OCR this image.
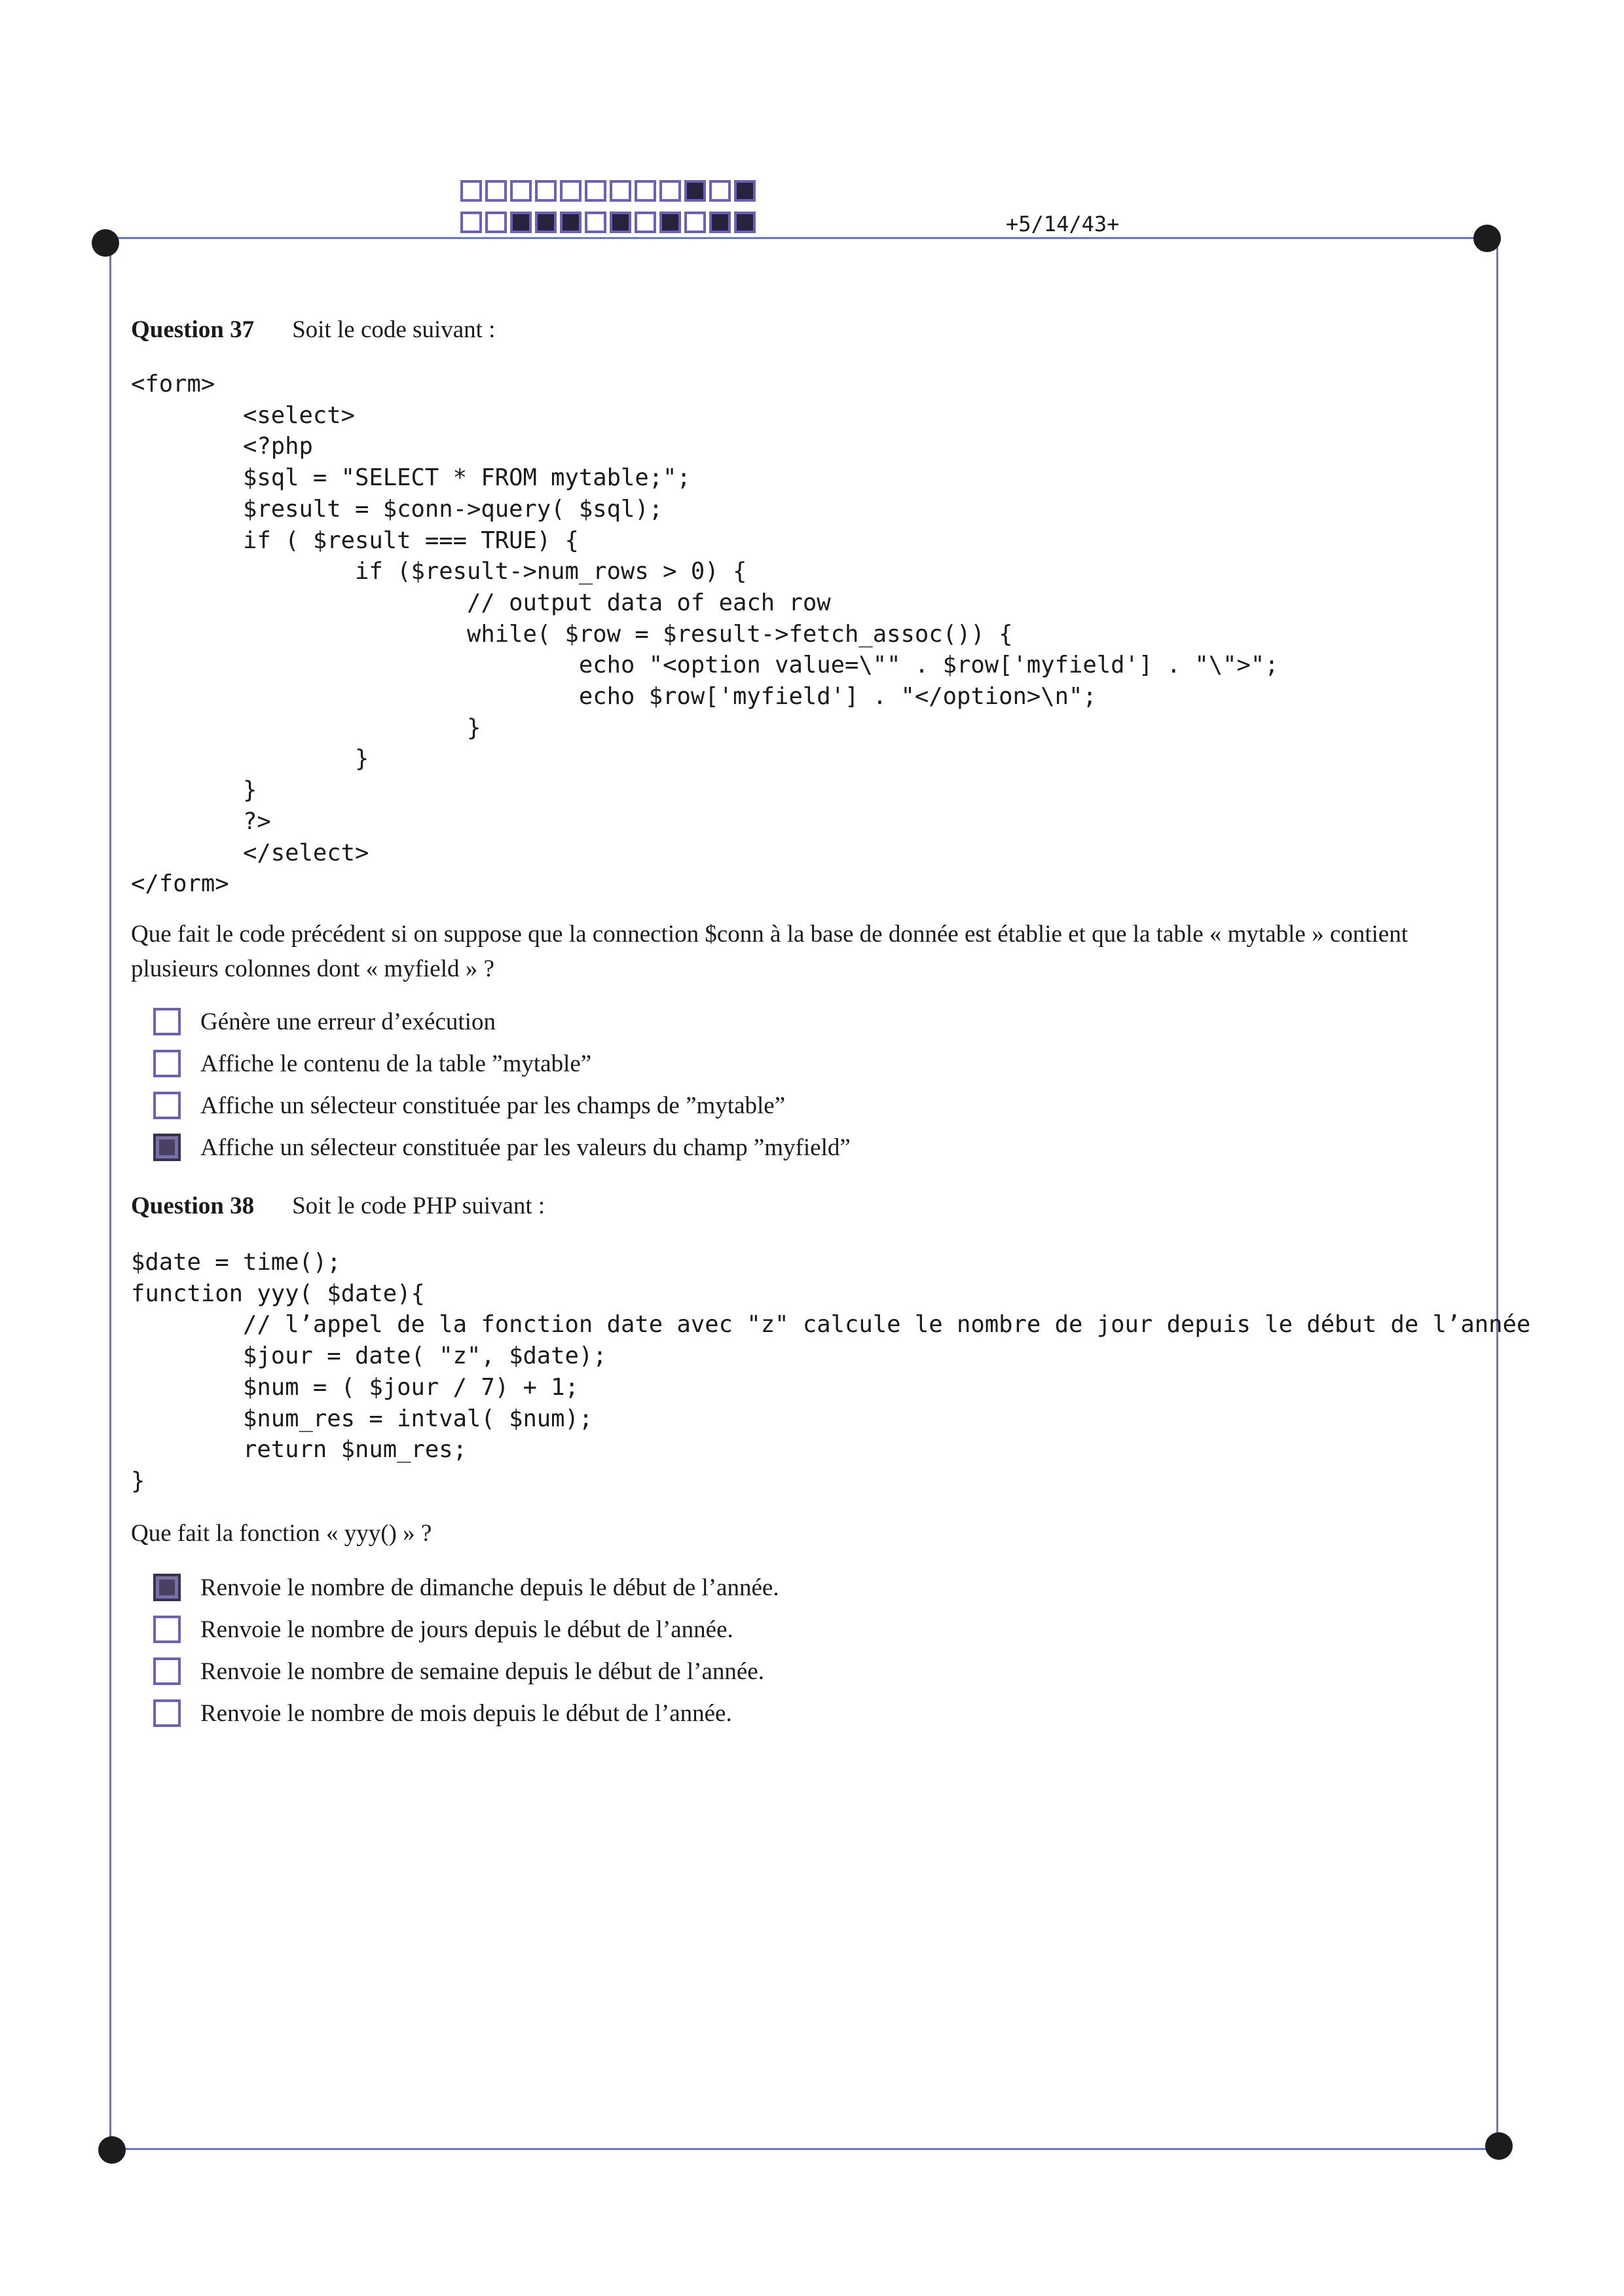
+5/14/43+
Question 37 Soit le code suivant :
<form>
<select>
<?php
$sql = "SELECT * FROM mytable;";
$result = $conn->query( $sql);
if ( $result === TRUE) {
if ($result->num_rows > 0) {
// output data of each row
while( $row = $result->fetch_assoc()) {
echo "<option value=\"" . $row['myfield'] . "\">";
echo $row['myfield'] . "</option>\n";
}
}
}
?>
</select>
</form>
Que fait le code précédent si on suppose que la connection $conn à la base de donnée est établie et que la table « mytable » contient plusieurs colonnes dont « myfield » ?
Génère une erreur d’exécution
Affiche le contenu de la table ”mytable”
Affiche un sélecteur constituée par les champs de ”mytable”
Affiche un sélecteur constituée par les valeurs du champ ”myfield”
Question 38 Soit le code PHP suivant :
$date = time();
function yyy( $date){
// l’appel de la fonction date avec "z" calcule le nombre de jour depuis le début de l’année
$jour = date( "z", $date);
$num = ( $jour / 7) + 1;
$num_res = intval( $num);
return $num_res;
}
Que fait la fonction « yyy() » ?
Renvoie le nombre de dimanche depuis le début de l’année.
Renvoie le nombre de jours depuis le début de l’année.
Renvoie le nombre de semaine depuis le début de l’année.
Renvoie le nombre de mois depuis le début de l’année.
